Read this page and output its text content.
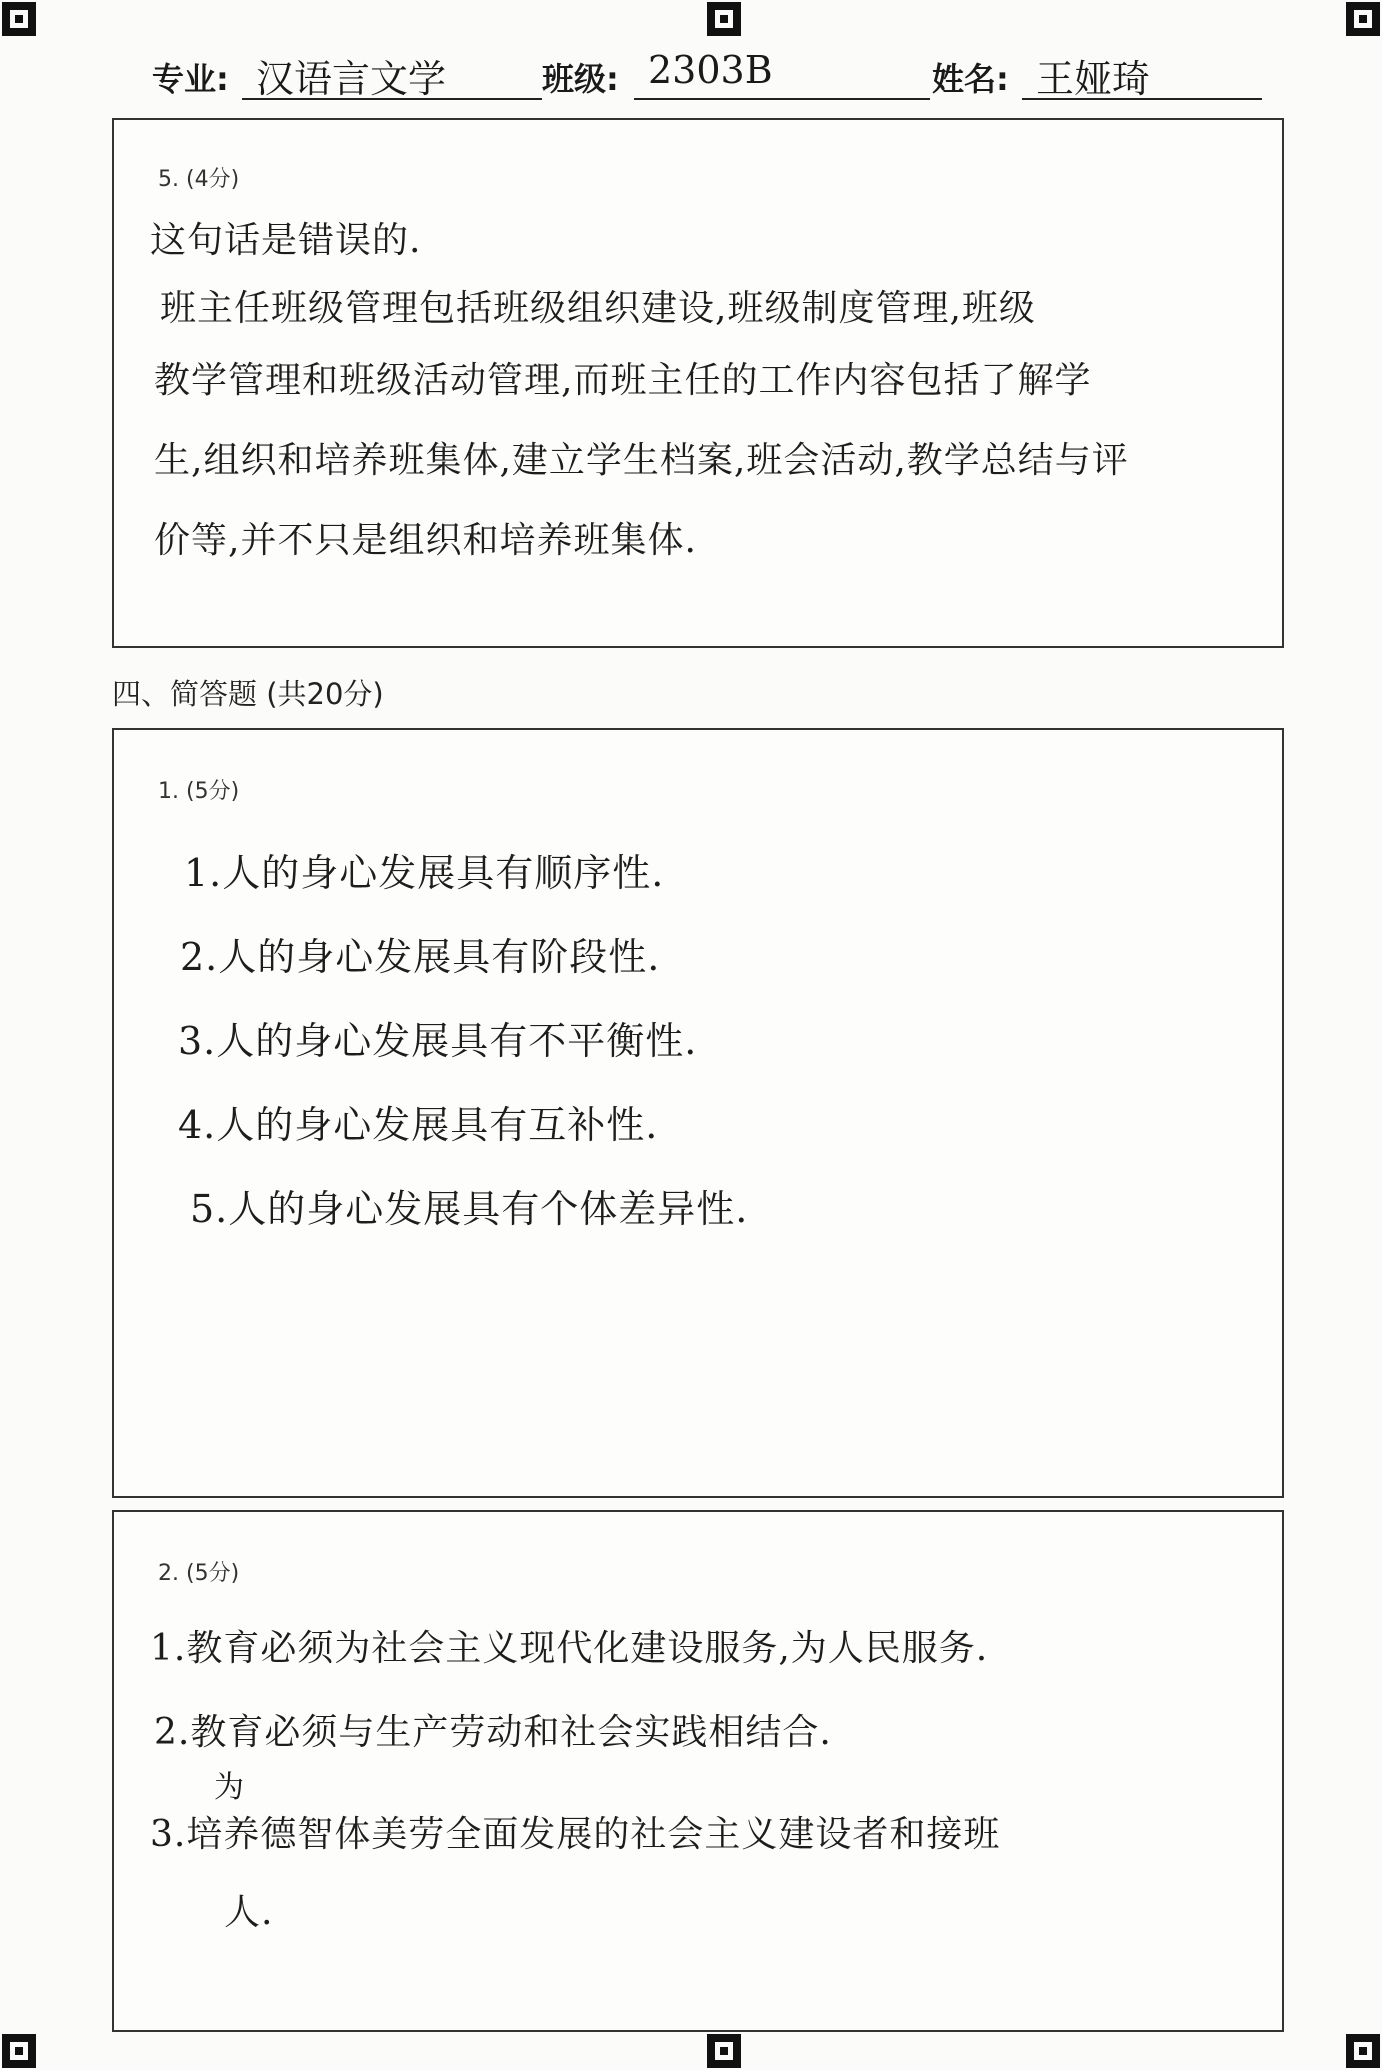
专业: 汉语言文学	班级: 2303B	姓名: 王娅琦
5. (4分)
这句话是错误的.
班主任班级管理包括班级组织建设,班级制度管理,班级
教学管理和班级活动管理,而班主任的工作内容包括了解学
生,组织和培养班集体,建立学生档案,班会活动,教学总结与评
价等,并不只是组织和培养班集体.
四、简答题 (共20分)
1. (5分)
1.人的身心发展具有顺序性.
2.人的身心发展具有阶段性.
3.人的身心发展具有不平衡性.
4.人的身心发展具有互补性.
5.人的身心发展具有个体差异性.
2. (5分)
1.教育必须为社会主义现代化建设服务,为人民服务.
2.教育必须与生产劳动和社会实践相结合.
为
3.培养德智体美劳全面发展的社会主义建设者和接班
人.
